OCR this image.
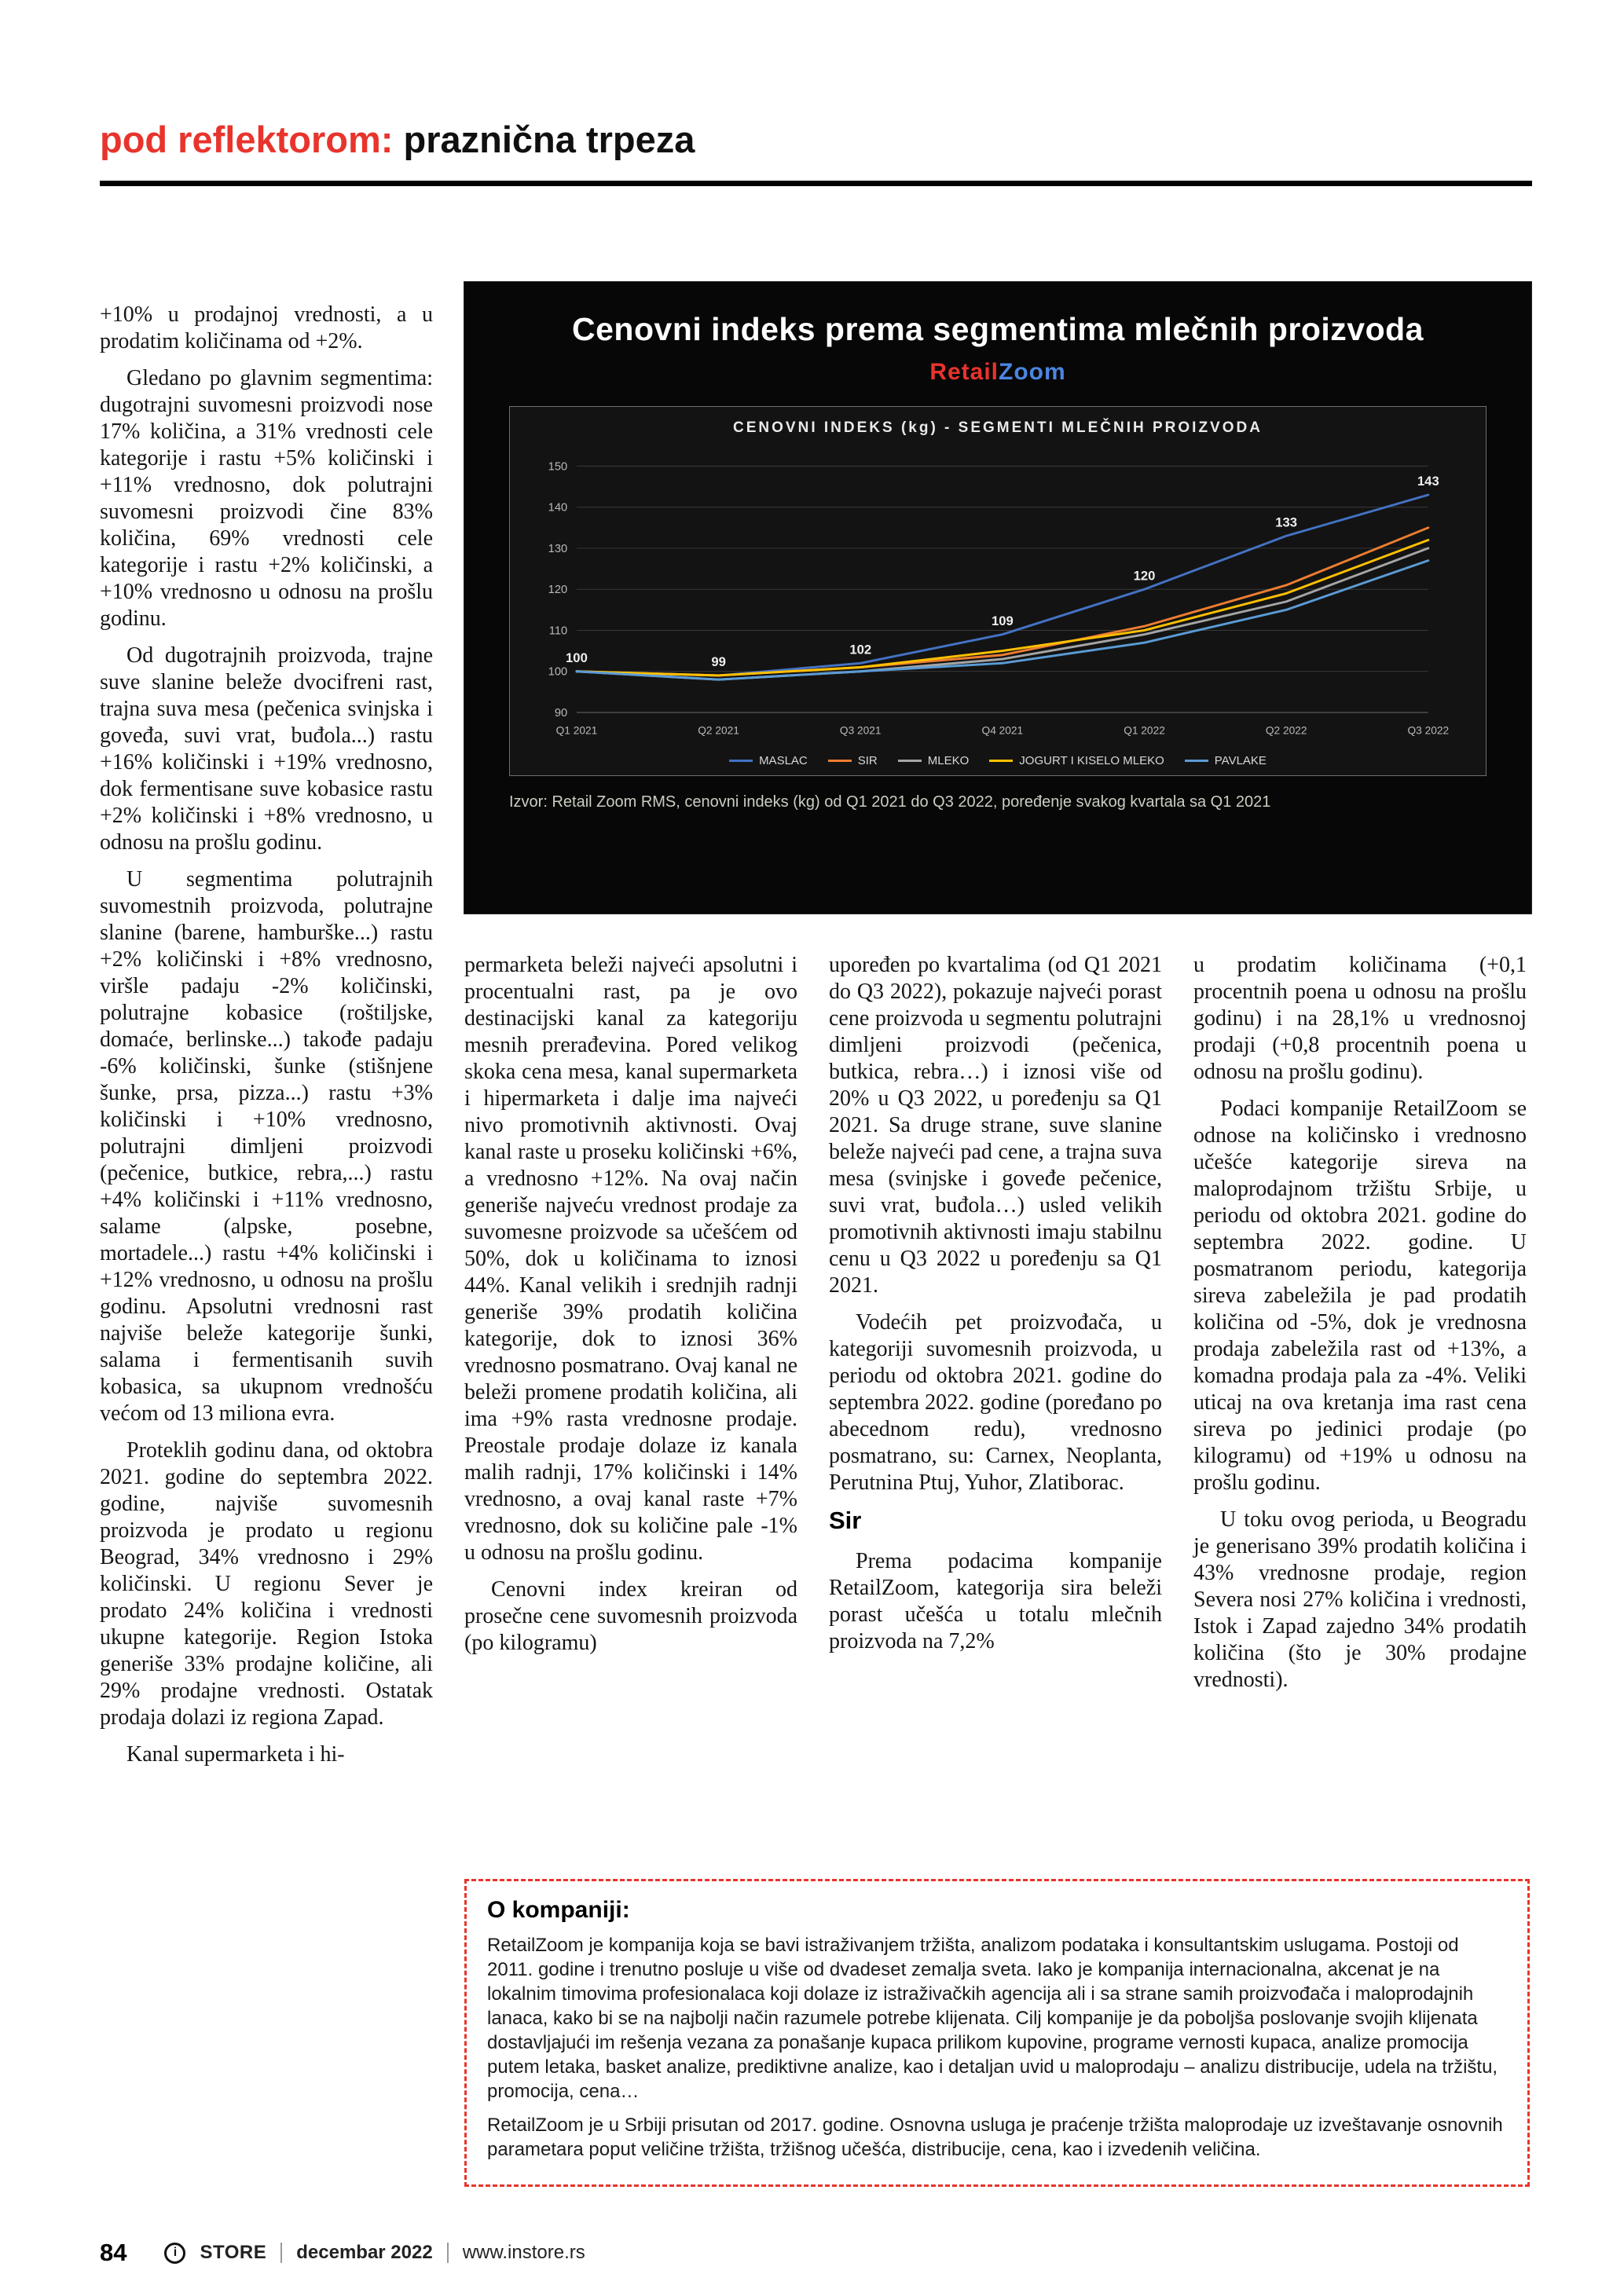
pod reflektorom: praznična trpeza
Cenovni indeks prema segmentima mlečnih proizvoda
RetailZoom
CENOVNI INDEKS (kg) - SEGMENTI MLEČNIH PROIZVODA
90
100
110
120
130
140
150
Q1 2021	Q2 2021	Q3 2021	Q4 2021	Q1 2022	Q2 2022	Q3 2022
100	99
102
109
120
133
143
MASLAC	SIR	MLEKO	JOGURT I KISELO MLEKO	PAVLAKE
Izvor: Retail Zoom RMS, cenovni indeks (kg) od Q1 2021 do Q3 2022, poređenje svakog kvartala sa Q1 2021

+10% u prodajnoj vrednosti, a u prodatim količinama od +2%.

Gledano po glavnim segmentima: dugotrajni suvomesni proizvodi nose 17% količina, a 31% vrednosti cele kategorije i rastu +5% količinski i +11% vrednosno, dok polutrajni suvomesni proizvodi čine 83% količina, 69% vrednosti cele kategorije i rastu +2% količinski, a +10% vrednosno u odnosu na prošlu godinu.

Od dugotrajnih proizvoda, trajne suve slanine beleže dvocifreni rast, trajna suva mesa (pečenica svinjska i goveđa, suvi vrat, buđola...) rastu +16% količinski i +19% vrednosno, dok fermentisane suve kobasice rastu +2% količinski i +8% vrednosno, u odnosu na prošlu godinu.

U segmentima polutrajnih suvomestnih proizvoda, polutrajne slanine (barene, hamburške...) rastu +2% količinski i +8% vrednosno, viršle padaju -2% količinski, polutrajne kobasice (roštiljske, domaće, berlinske...) takođe padaju -6% količinski, šunke (stišnjene šunke, prsa, pizza...) rastu +3% količinski i +10% vrednosno, polutrajni dimljeni proizvodi (pečenice, butkice, rebra,...) rastu +4% količinski i +11% vrednosno, salame (alpske, posebne, mortadele...) rastu +4% količinski i +12% vrednosno, u odnosu na prošlu godinu. Apsolutni vrednosni rast najviše beleže kategorije šunki, salama i fermentisanih suvih kobasica, sa ukupnom vrednošću većom od 13 miliona evra.

Proteklih godinu dana, od oktobra 2021. godine do septembra 2022. godine, najviše suvomesnih proizvoda je prodato u regionu Beograd, 34% vrednosno i 29% količinski. U regionu Sever je prodato 24% količina i vrednosti ukupne kategorije. Region Istoka generiše 33% prodajne količine, ali 29% prodajne vrednosti. Ostatak prodaja dolazi iz regiona Zapad.

Kanal supermarketa i hi-

permarketa beleži najveći apsolutni i procentualni rast, pa je ovo destinacijski kanal za kategoriju mesnih prerađevina. Pored velikog skoka cena mesa, kanal supermarketa i hipermarketa i dalje ima najveći nivo promotivnih aktivnosti. Ovaj kanal raste u proseku količinski +6%, a vrednosno +12%. Na ovaj način generiše najveću vrednost prodaje za suvomesne proizvode sa učešćem od 50%, dok u količinama to iznosi 44%. Kanal velikih i srednjih radnji generiše 39% prodatih količina kategorije, dok to iznosi 36% vrednosno posmatrano. Ovaj kanal ne beleži promene prodatih količina, ali ima +9% rasta vrednosne prodaje. Preostale prodaje dolaze iz kanala malih radnji, 17% količinski i 14% vrednosno, a ovaj kanal raste +7% vrednosno, dok su količine pale -1% u odnosu na prošlu godinu.

Cenovni index kreiran od prosečne cene suvomesnih proizvoda (po kilogramu)

upoređen po kvartalima (od Q1 2021 do Q3 2022), pokazuje najveći porast cene proizvoda u segmentu polutrajni dimljeni proizvodi (pečenica, butkica, rebra…) i iznosi više od 20% u Q3 2022, u poređenju sa Q1 2021. Sa druge strane, suve slanine beleže najveći pad cene, a trajna suva mesa (svinjske i goveđe pečenice, suvi vrat, buđola…) usled velikih promotivnih aktivnosti imaju stabilnu cenu u Q3 2022 u poređenju sa Q1 2021.

Vodećih pet proizvođača, u kategoriji suvomesnih proizvoda, u periodu od oktobra 2021. godine do septembra 2022. godine (poređano po abecednom redu), vrednosno posmatrano, su: Carnex, Neoplanta, Perutnina Ptuj, Yuhor, Zlatiborac.

Sir

Prema podacima kompanije RetailZoom, kategorija sira beleži porast učešća u totalu mlečnih proizvoda na 7,2%

u prodatim količinama (+0,1 procentnih poena u odnosu na prošlu godinu) i na 28,1% u vrednosnoj prodaji (+0,8 procentnih poena u odnosu na prošlu godinu).

Podaci kompanije RetailZoom se odnose na količinsko i vrednosno učešće kategorije sireva na maloprodajnom tržištu Srbije, u periodu od oktobra 2021. godine do septembra 2022. godine. U posmatranom periodu, kategorija sireva zabeležila je pad prodatih količina od -5%, dok je vrednosna prodaja zabeležila rast od +13%, a komadna prodaja pala za -4%. Veliki uticaj na ova kretanja ima rast cena sireva po jedinici prodaje (po kilogramu) od +19% u odnosu na prošlu godinu.

U toku ovog perioda, u Beogradu je generisano 39% prodatih količina i 43% vrednosne prodaje, region Severa nosi 27% količina i vrednosti, Istok i Zapad zajedno 34% prodatih količina (što je 30% prodajne vrednosti).

O kompaniji:

RetailZoom je kompanija koja se bavi istraživanjem tržišta, analizom podataka i konsultantskim uslugama. Postoji od 2011. godine i trenutno posluje u više od dvadeset zemalja sveta. Iako je kompanija internacionalna, akcenat je na lokalnim timovima profesionalaca koji dolaze iz istraživačkih agencija ali i sa strane samih proizvođača i maloprodajnih lanaca, kako bi se na najbolji način razumele potrebe klijenata. Cilj kompanije je da poboljša poslovanje svojih klijenata dostavljajući im rešenja vezana za ponašanje kupaca prilikom kupovine, programe vernosti kupaca, analize promocija putem letaka, basket analize, prediktivne analize, kao i detaljan uvid u maloprodaju – analizu distribucije, udela na tržištu, promocija, cena…

RetailZoom je u Srbiji prisutan od 2017. godine. Osnovna usluga je praćenje tržišta maloprodaje uz izveštavanje osnovnih parametara poput veličine tržišta, tržišnog učešća, distribucije, cena, kao i izvedenih veličina.

84	i	STORE decembar 2022 www.instore.rs
